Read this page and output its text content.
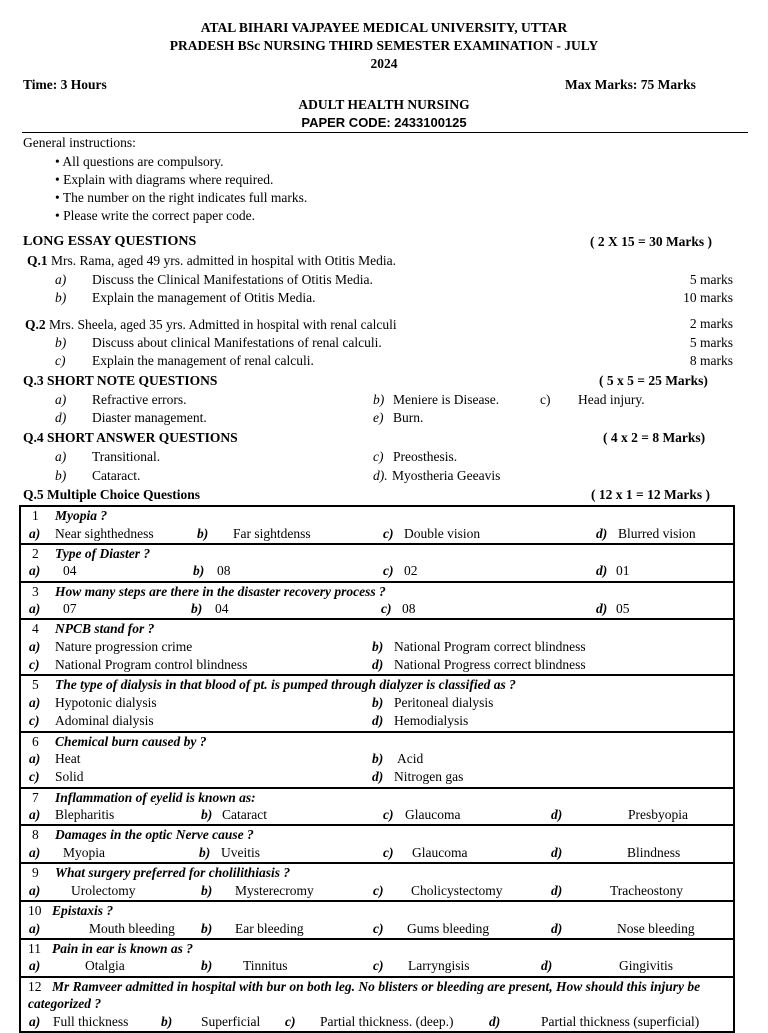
ATAL BIHARI VAJPAYEE MEDICAL UNIVERSITY, UTTAR
PRADESH BSc NURSING THIRD SEMESTER EXAMINATION - JULY
2024
Time: 3 Hours	Max Marks: 75 Marks
ADULT HEALTH NURSING
PAPER CODE: 2433100125
General instructions:
• All questions are compulsory.
• Explain with diagrams where required.
• The number on the right indicates full marks.
• Please write the correct paper code.
LONG ESSAY QUESTIONS	( 2 X 15 = 30 Marks )
Q.1 Mrs. Rama, aged 49 yrs. admitted in hospital with Otitis Media.
a) Discuss the Clinical Manifestations of Otitis Media.	5 marks
b) Explain the management of Otitis Media.	10 marks
Q.2 Mrs. Sheela, aged 35 yrs. Admitted in hospital with renal calculi	2 marks
b) Discuss about clinical Manifestations of renal calculi.	5 marks
c) Explain the management of renal calculi.	8 marks
Q.3 SHORT NOTE QUESTIONS	( 5 x 5 = 25 Marks)
a) Refractive errors.	b) Meniere is Disease.	c) Head injury.
d) Diaster management.	e) Burn.
Q.4 SHORT ANSWER QUESTIONS	( 4 x 2 = 8 Marks)
a) Transitional.	c) Preosthesis.
b) Cataract.	d). Myostheria Geeavis
Q.5 Multiple Choice Questions	( 12 x 1 = 12 Marks )
1 Myopia ?
a) Near sighthedness	b) Far sightdenss	c) Double vision	d) Blurred vision
2 Type of Diaster ?
a) 04	b) 08	c) 02	d) 01
3 How many steps are there in the disaster recovery process ?
a) 07	b) 04	c) 08	d) 05
4 NPCB stand for ?
a) Nature progression crime	b) National Program correct blindness
c) National Program control blindness	d) National Progress correct blindness
5 The type of dialysis in that blood of pt. is pumped through dialyzer is classified as ?
a) Hypotonic dialysis	b) Peritoneal dialysis
c) Adominal dialysis	d) Hemodialysis
6 Chemical burn caused by ?
a) Heat	b) Acid
c) Solid	d) Nitrogen gas
7 Inflammation of eyelid is known as:
a) Blepharitis	b) Cataract	c) Glaucoma	d)	Presbyopia
8 Damages in the optic Nerve cause ?
a) Myopia	b) Uveitis	c) Glaucoma	d)	Blindness
9 What surgery preferred for cholilithiasis ?
a) Urolectomy	b) Mysterecromy	c) Cholicystectomy	d)	Tracheostony
10 Epistaxis ?
a)	Mouth bleeding b) Ear bleeding	c) Gums bleeding	d)	Nose bleeding
11 Pain in ear is known as ?
a)	Otalgia	b) Tinnitus	c) Larryngisis	d)	Gingivitis
12 Mr Ramveer admitted in hospital with bur on both leg. No blisters or bleeding are present, How should this injury be
categorized ?
a) Full thickness b) Superficial c) Partial thickness. (deep.)	d)	Partial thickness (superficial)
